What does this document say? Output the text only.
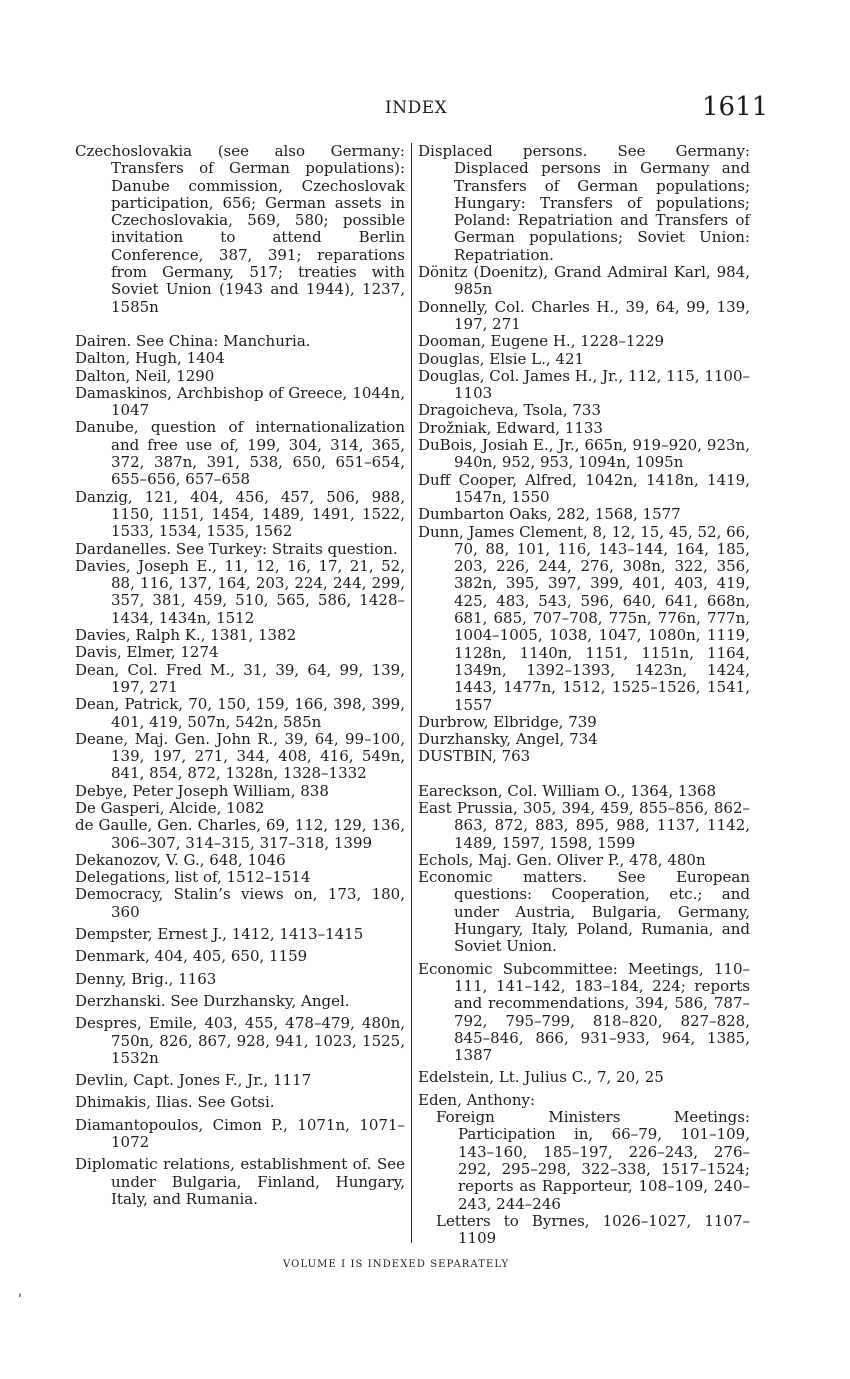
INDEX	1611

Czechoslovakia (see also Germany: Transfers of German populations): Danube commission, Czechoslovak participation, 656; German assets in Czechoslovakia, 569, 580; possible invitation to attend Berlin Conference, 387, 391; reparations from Germany, 517; treaties with Soviet Union (1943 and 1944), 1237, 1585n

Dairen. See China: Manchuria.

Dalton, Hugh, 1404

Dalton, Neil, 1290

Damaskinos, Archbishop of Greece, 1044n, 1047

Danube, question of internationalization and free use of, 199, 304, 314, 365, 372, 387n, 391, 538, 650, 651–654, 655–656, 657–658

Danzig, 121, 404, 456, 457, 506, 988, 1150, 1151, 1454, 1489, 1491, 1522, 1533, 1534, 1535, 1562

Dardanelles. See Turkey: Straits question.

Davies, Joseph E., 11, 12, 16, 17, 21, 52, 88, 116, 137, 164, 203, 224, 244, 299, 357, 381, 459, 510, 565, 586, 1428–1434, 1434n, 1512

Davies, Ralph K., 1381, 1382

Davis, Elmer, 1274

Dean, Col. Fred M., 31, 39, 64, 99, 139, 197, 271

Dean, Patrick, 70, 150, 159, 166, 398, 399, 401, 419, 507n, 542n, 585n

Deane, Maj. Gen. John R., 39, 64, 99–100, 139, 197, 271, 344, 408, 416, 549n, 841, 854, 872, 1328n, 1328–1332

Debye, Peter Joseph William, 838

De Gasperi, Alcide, 1082

de Gaulle, Gen. Charles, 69, 112, 129, 136, 306–307, 314–315, 317–318, 1399

Dekanozov, V. G., 648, 1046

Delegations, list of, 1512–1514

Democracy, Stalin’s views on, 173, 180, 360

Dempster, Ernest J., 1412, 1413–1415

Denmark, 404, 405, 650, 1159

Denny, Brig., 1163

Derzhanski. See Durzhansky, Angel.

Despres, Emile, 403, 455, 478–479, 480n, 750n, 826, 867, 928, 941, 1023, 1525, 1532n

Devlin, Capt. Jones F., Jr., 1117

Dhimakis, Ilias. See Gotsi.

Diamantopoulos, Cimon P., 1071n, 1071–1072

Diplomatic relations, establishment of. See under Bulgaria, Finland, Hungary, Italy, and Rumania.

Displaced persons. See Germany: Displaced persons in Germany and Transfers of German populations; Hungary: Transfers of populations; Poland: Repatriation and Transfers of German populations; Soviet Union: Repatriation.

Dönitz (Doenitz), Grand Admiral Karl, 984, 985n

Donnelly, Col. Charles H., 39, 64, 99, 139, 197, 271

Dooman, Eugene H., 1228–1229

Douglas, Elsie L., 421

Douglas, Col. James H., Jr., 112, 115, 1100–1103

Dragoicheva, Tsola, 733

Drožniak, Edward, 1133

DuBois, Josiah E., Jr., 665n, 919–920, 923n, 940n, 952, 953, 1094n, 1095n

Duff Cooper, Alfred, 1042n, 1418n, 1419, 1547n, 1550

Dumbarton Oaks, 282, 1568, 1577

Dunn, James Clement, 8, 12, 15, 45, 52, 66, 70, 88, 101, 116, 143–144, 164, 185, 203, 226, 244, 276, 308n, 322, 356, 382n, 395, 397, 399, 401, 403, 419, 425, 483, 543, 596, 640, 641, 668n, 681, 685, 707–708, 775n, 776n, 777n, 1004–1005, 1038, 1047, 1080n, 1119, 1128n, 1140n, 1151, 1151n, 1164, 1349n, 1392–1393, 1423n, 1424, 1443, 1477n, 1512, 1525–1526, 1541, 1557

Durbrow, Elbridge, 739

Durzhansky, Angel, 734

DUSTBIN, 763

Eareckson, Col. William O., 1364, 1368

East Prussia, 305, 394, 459, 855–856, 862–863, 872, 883, 895, 988, 1137, 1142, 1489, 1597, 1598, 1599

Echols, Maj. Gen. Oliver P., 478, 480n

Economic matters. See European questions: Cooperation, etc.; and under Austria, Bulgaria, Germany, Hungary, Italy, Poland, Rumania, and Soviet Union.

Economic Subcommittee: Meetings, 110–111, 141–142, 183–184, 224; reports and recommendations, 394, 586, 787–792, 795–799, 818–820, 827–828, 845–846, 866, 931–933, 964, 1385, 1387

Edelstein, Lt. Julius C., 7, 20, 25

Eden, Anthony:

Foreign Ministers Meetings: Participation in, 66–79, 101–109, 143–160, 185–197, 226–243, 276–292, 295–298, 322–338, 1517–1524; reports as Rapporteur, 108–109, 240–243, 244–246

Letters to Byrnes, 1026–1027, 1107–1109

VOLUME I IS INDEXED SEPARATELY
ʹ
